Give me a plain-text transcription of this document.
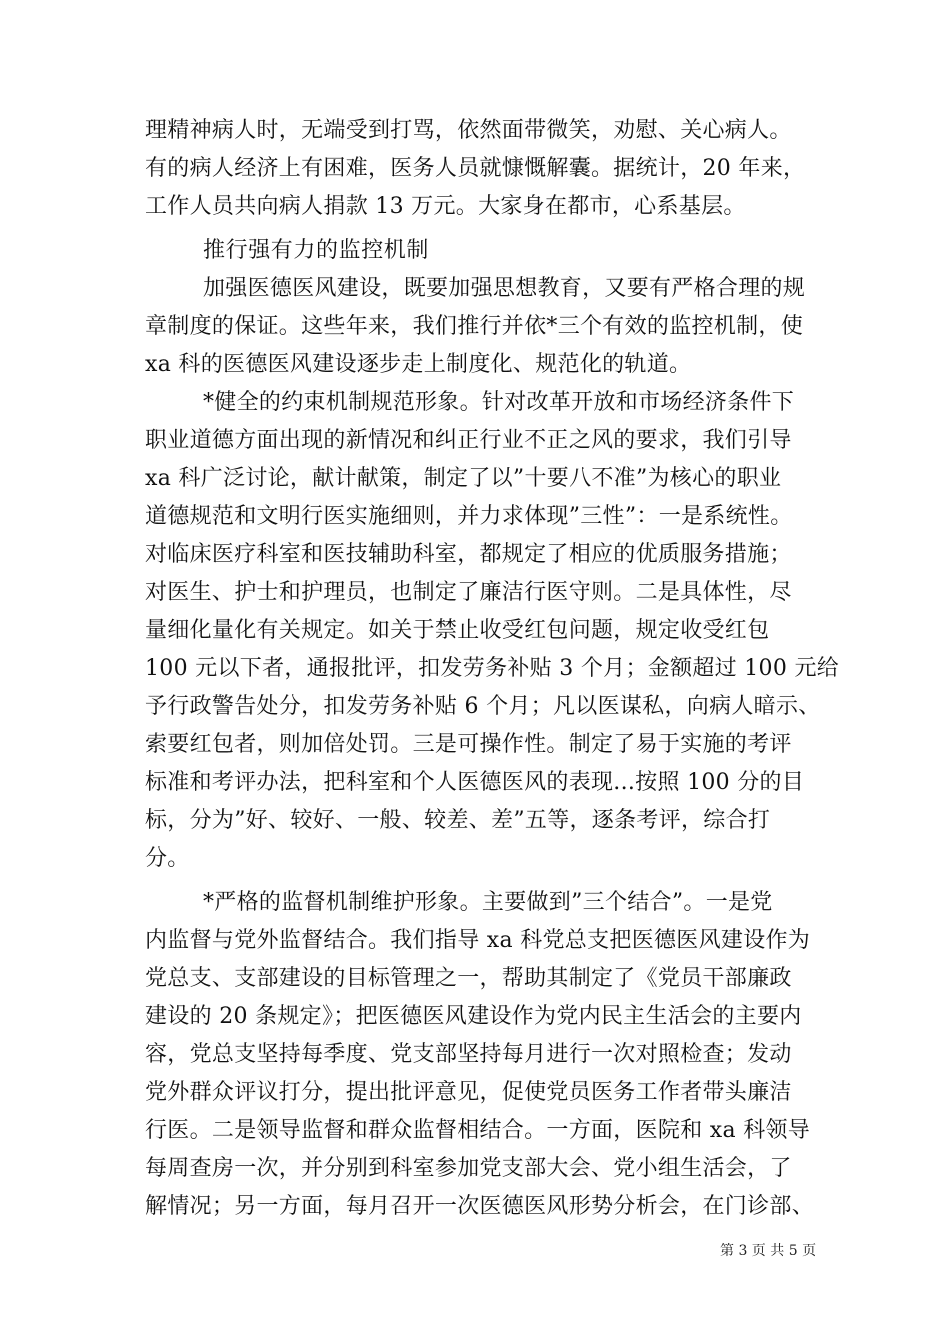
理精神病人时，无端受到打骂，依然面带微笑，劝慰、关心病人。
有的病人经济上有困难，医务人员就慷慨解囊。据统计，20 年来，
工作人员共向病人捐款 13 万元。大家身在都市，心系基层。
推行强有力的监控机制
加强医德医风建设，既要加强思想教育，又要有严格合理的规
章制度的保证。这些年来，我们推行并依*三个有效的监控机制，使
xa 科的医德医风建设逐步走上制度化、规范化的轨道。
*健全的约束机制规范形象。针对改革开放和市场经济条件下
职业道德方面出现的新情况和纠正行业不正之风的要求，我们引导
xa 科广泛讨论，献计献策，制定了以”十要八不准”为核心的职业
道德规范和文明行医实施细则，并力求体现”三性”：一是系统性。
对临床医疗科室和医技辅助科室，都规定了相应的优质服务措施；
对医生、护士和护理员，也制定了廉洁行医守则。二是具体性，尽
量细化量化有关规定。如关于禁止收受红包问题，规定收受红包
100 元以下者，通报批评，扣发劳务补贴 3 个月；金额超过 100 元给
予行政警告处分，扣发劳务补贴 6 个月；凡以医谋私，向病人暗示、
索要红包者，则加倍处罚。三是可操作性。制定了易于实施的考评
标准和考评办法，把科室和个人医德医风的表现...按照 100 分的目
标，分为”好、较好、一般、较差、差”五等，逐条考评，综合打
分。
*严格的监督机制维护形象。主要做到”三个结合”。一是党
内监督与党外监督结合。我们指导 xa 科党总支把医德医风建设作为
党总支、支部建设的目标管理之一，帮助其制定了《党员干部廉政
建设的 20 条规定》；把医德医风建设作为党内民主生活会的主要内
容，党总支坚持每季度、党支部坚持每月进行一次对照检查；发动
党外群众评议打分，提出批评意见，促使党员医务工作者带头廉洁
行医。二是领导监督和群众监督相结合。一方面，医院和 xa 科领导
每周查房一次，并分别到科室参加党支部大会、党小组生活会，了
解情况；另一方面，每月召开一次医德医风形势分析会，在门诊部、
第 3 页 共 5 页
